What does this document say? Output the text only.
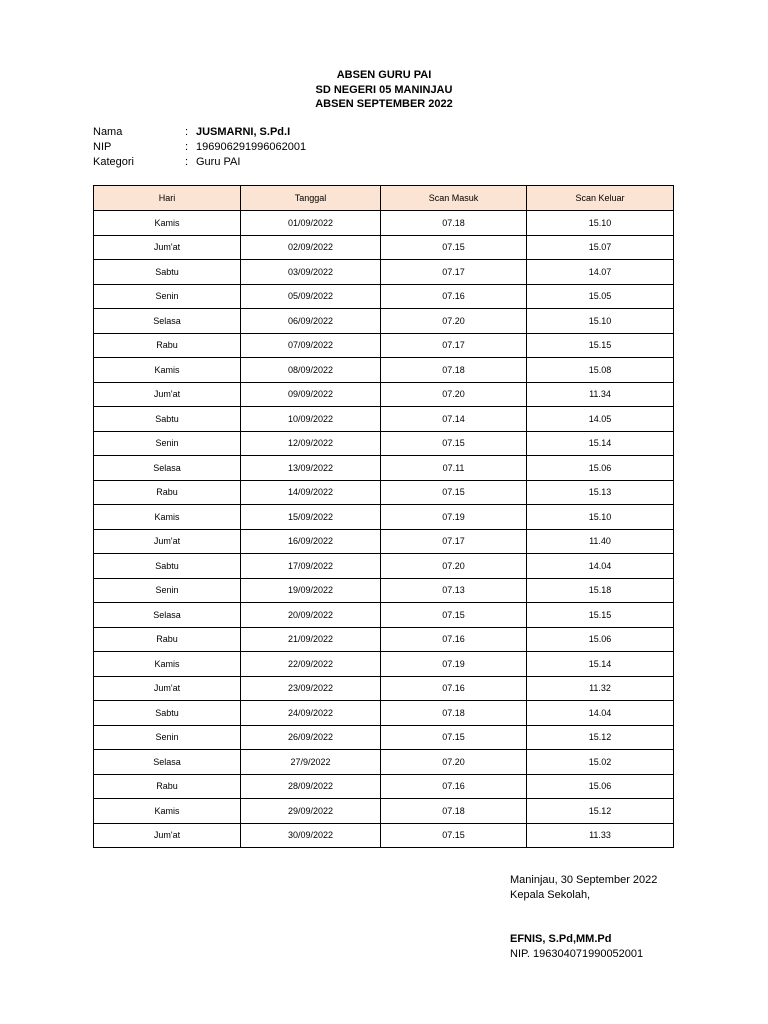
ABSEN GURU PAI
SD NEGERI 05 MANINJAU
ABSEN SEPTEMBER 2022
Nama	: JUSMARNI, S.Pd.I
NIP	: 196906291996062001
Kategori	: Guru PAI
Hari	Tanggal	Scan Masuk	Scan Keluar
Kamis	01/09/2022	07.18	15.10
Jum'at	02/09/2022	07.15	15.07
Sabtu	03/09/2022	07.17	14.07
Senin	05/09/2022	07.16	15.05
Selasa	06/09/2022	07.20	15.10
Rabu	07/09/2022	07.17	15.15
Kamis	08/09/2022	07.18	15.08
Jum'at	09/09/2022	07.20	11.34
Sabtu	10/09/2022	07.14	14.05
Senin	12/09/2022	07.15	15.14
Selasa	13/09/2022	07.11	15.06
Rabu	14/09/2022	07.15	15.13
Kamis	15/09/2022	07.19	15.10
Jum'at	16/09/2022	07.17	11.40
Sabtu	17/09/2022	07.20	14.04
Senin	19/09/2022	07.13	15.18
Selasa	20/09/2022	07.15	15.15
Rabu	21/09/2022	07.16	15.06
Kamis	22/09/2022	07.19	15.14
Jum'at	23/09/2022	07.16	11.32
Sabtu	24/09/2022	07.18	14.04
Senin	26/09/2022	07.15	15.12
Selasa	27/9/2022	07.20	15.02
Rabu	28/09/2022	07.16	15.06
Kamis	29/09/2022	07.18	15.12
Jum'at	30/09/2022	07.15	11.33
Maninjau, 30 September 2022
Kepala Sekolah,
EFNIS, S.Pd,MM.Pd
NIP. 196304071990052001
